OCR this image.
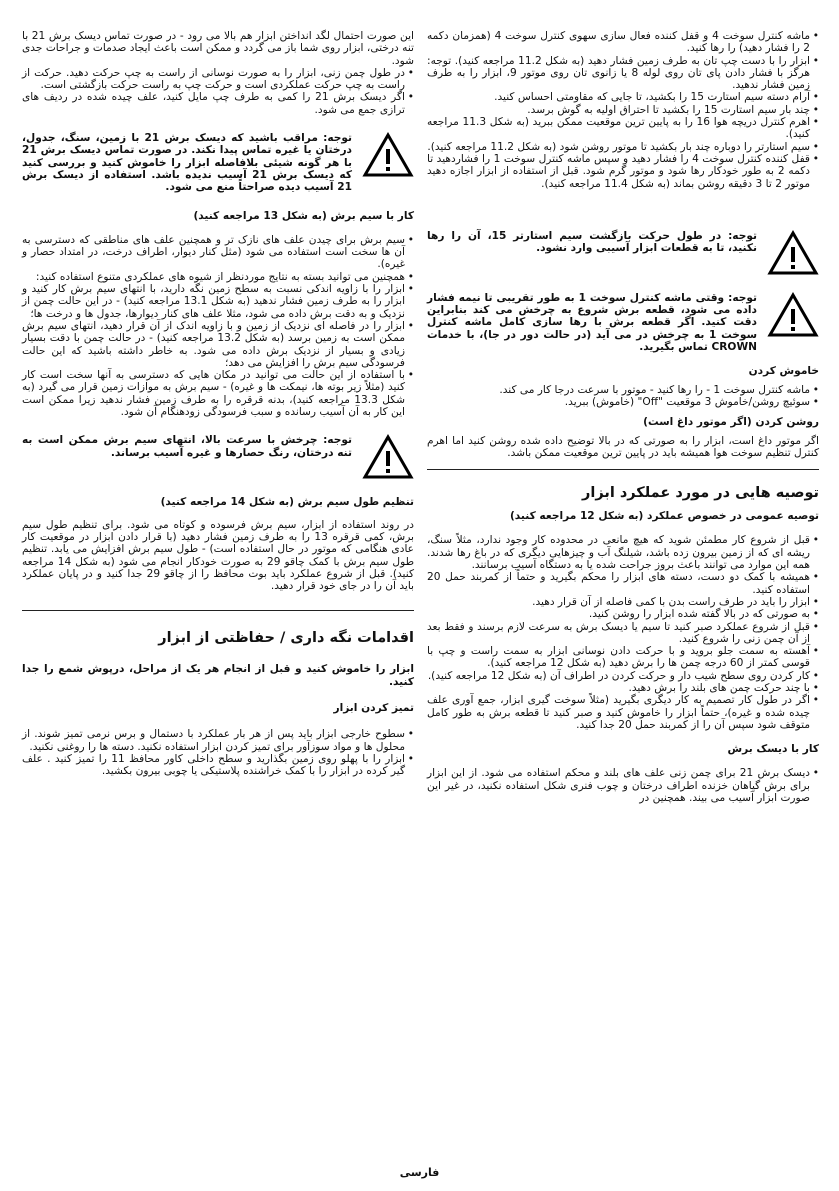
• ماشه کنترل سوخت 4 و قفل کننده فعال سازی سهوی کنترل سوخت 4 (همزمان دکمه 2 را فشار دهید) را رها کنید.
• ابزار را با دست چپ تان به طرف زمین فشار دهید (به شکل 11.2 مراجعه کنید). توجه: هرگز با فشار دادن پای تان روی لوله 8 یا زانوی تان روی موتور 9، ابزار را به طرف زمین فشار ندهید.
• آرام دسته سیم استارت 15 را بکشید، تا جایی که مقاومتی احساس کنید.
• چند بار سیم استارت 15 را بکشید تا احتراق اولیه به گوش برسد.
• اهرم کنترل دریچه هوا 16 را به پایین ترین موقعیت ممکن ببرید (به شکل 11.3 مراجعه کنید).
• سیم استارتر را دوباره چند بار بکشید تا موتور روشن شود (به شکل 11.2 مراجعه کنید).
• قفل کننده کنترل سوخت 4 را فشار دهید و سپس ماشه کنترل سوخت 1 را فشاردهید تا دکمه 2 به طور خودکار رها شود و موتور گرم شود. قبل از استفاده از ابزار اجازه دهید موتور 2 تا 3 دقیقه روشن بماند (به شکل 11.4 مراجعه کنید).

توجه: در طول حرکت بازگشت سیم استارتر 15، آن را رها نکنید، تا به قطعات ابزار آسیبی وارد نشود.

توجه: وقتی ماشه کنترل سوخت 1 به طور تقریبی تا نیمه فشار داده می شود، قطعه برش شروع به چرخش می کند بنابراین دقت کنید. اگر قطعه برش با رها سازی کامل ماشه کنترل سوخت 1 به چرخش در می آید (در حالت دور در جا)، با خدمات CROWN تماس بگیرید.

خاموش کردن

• ماشه کنترل سوخت 1 - را رها کنید - موتور با سرعت درجا کار می کند.
• سوئیچ روشن/خاموش 3 موقعیت "Off" (خاموش) ببرید.

روشن کردن (اگر موتور داغ است)

اگر موتور داغ است، ابزار را به صورتی که در بالا توضیح داده شده روشن کنید اما اهرم کنترل تنظیم سوخت هوا همیشه باید در پایین ترین موقعیت ممکن باشد.

توصیه هایی در مورد عملکرد ابزار

توصیه عمومی در خصوص عملکرد (به شکل 12 مراجعه کنید)

• قبل از شروع کار مطمئن شوید که هیچ مانعی در محدوده کار وجود ندارد، مثلاً سنگ، ریشه ای که از زمین بیرون زده باشد، شیلنگ آب و چیزهایی دیگری که در باغ رها شدند. همه این موارد می توانند باعث بروز جراحت شده یا به دستگاه آسیب برسانند.
• همیشه با کمک دو دست، دسته های ابزار را محکم بگیرید و حتماً از کمربند حمل 20 استفاده کنید.
• ابزار را باید در طرف راست بدن با کمی فاصله از آن قرار دهید.
• به صورتی که در بالا گفته شده ابزار را روشن کنید.
• قبل از شروع عملکرد صبر کنید تا سیم یا دیسک برش به سرعت لازم برسند و فقط بعد از آن چمن زنی را شروع کنید.
• آهسته به سمت جلو بروید و با حرکت دادن نوسانی ابزار به سمت راست و چپ با قوسی کمتر از 60 درجه چمن ها را برش دهید (به شکل 12 مراجعه کنید).
• کار کردن روی سطح شیب دار و حرکت کردن در اطراف آن (به شکل 12 مراجعه کنید).
• با چند حرکت چمن های بلند را برش دهید.
• اگر در طول کار تصمیم به کار دیگری بگیرید (مثلاً سوخت گیری ابزار، جمع آوری علف چیده شده و غیره)، حتماً ابزار را خاموش کنید و صبر کنید تا قطعه برش به طور کامل متوقف شود سپس آن را از کمربند حمل 20 جدا کنید.

کار با دیسک برش

• دیسک برش 21 برای چمن زنی علف های بلند و محکم استفاده می شود. از این ابزار برای برش گیاهان خزنده اطراف درختان و چوب فنری شکل استفاده نکنید، در غیر این صورت ابزار آسیب می بیند. همچنین در

این صورت احتمال لگد انداختن ابزار هم بالا می رود - در صورت تماس دیسک برش 21 با تنه درختی، ابزار روی شما باز می گردد و ممکن است باعث ایجاد صدمات و جراحات جدی شود.

• در طول چمن زنی، ابزار را به صورت نوسانی از راست به چپ حرکت دهید. حرکت از راست به چپ حرکت عملکردی است و حرکت چپ به راست حرکت بازگشتی است.
• اگر دیسک برش 21 را کمی به طرف چپ مایل کنید، علف چیده شده در ردیف های ترازی جمع می شود.

توجه: مراقب باشید که دیسک برش 21 با زمین، سنگ، جدول، درختان یا غیره تماس پیدا نکند. در صورت تماس دیسک برش 21 با هر گونه شیئی بلافاصله ابزار را خاموش کنید و بررسی کنید که دیسک برش 21 آسیب ندیده باشد. استفاده از دیسک برش 21 آسیب دیده صراحتاً منع می شود.

کار با سیم برش (به شکل 13 مراجعه کنید)

• سیم برش برای چیدن علف های نازک تر و همچنین علف های مناطقی که دسترسی به آن ها سخت است استفاده می شود (مثل کنار دیوار، اطراف درخت، در امتداد حصار و غیره).
• همچنین می توانید بسته به نتایج موردنظر از شیوه های عملکردی متنوع استفاده کنید:
• ابزار را با زاویه اندکی نسبت به سطح زمین نگه دارید، با انتهای سیم برش کار کنید و ابزار را به طرف زمین فشار ندهید (به شکل 13.1 مراجعه کنید) - در این حالت چمن از نزدیک و به دقت برش داده می شود، مثلا علف های کنار دیوارها، جدول ها و درخت ها؛
• ابزار را در فاصله ای نزدیک از زمین و با زاویه اندک از آن قرار دهید، انتهای سیم برش ممکن است به زمین برسد (به شکل 13.2 مراجعه کنید) - در حالت چمن با دقت بسیار زیادی و بسیار از نزدیک برش داده می شود. به خاطر داشته باشید که این حالت فرسودگی سیم برش را افزایش می دهد؛
• با استفاده از این حالت می توانید در مکان هایی که دسترسی به آنها سخت است کار کنید (مثلاً زیر بوته ها، نیمکت ها و غیره) - سیم برش به موازات زمین قرار می گیرد (به شکل 13.3 مراجعه کنید)، بدنه قرقره را به طرف زمین فشار ندهید زیرا ممکن است این کار به آن آسیب رسانده و سبب فرسودگی زودهنگام آن شود.

توجه: چرخش با سرعت بالا، انتهای سیم برش ممکن است به تنه درختان، رنگ حصارها و غیره آسیب برساند.

تنظیم طول سیم برش (به شکل 14 مراجعه کنید)

در روند استفاده از ابزار، سیم برش فرسوده و کوتاه می شود. برای تنظیم طول سیم برش، کمی قرقره 13 را به طرف زمین فشار دهید (با قرار دادن ابزار در موقعیت کار عادی هنگامی که موتور در حال استفاده است) - طول سیم برش افزایش می یابد. تنظیم طول سیم برش با کمک چاقو 29 به صورت خودکار انجام می شود (به شکل 14 مراجعه کنید). قبل از شروع عملکرد باید بوت محافظ را از چاقو 29 جدا کنید و در پایان عملکرد باید آن را در جای خود قرار دهید.

اقدامات نگه داری / حفاظتی از ابزار

ابزار را خاموش کنید و قبل از انجام هر یک از مراحل، درپوش شمع را جدا کنید.

تمیز کردن ابزار

• سطوح خارجی ابزار باید پس از هر بار عملکرد با دستمال و برس نرمی تمیز شوند. از محلول ها و مواد سوزآور برای تمیز کردن ابزار استفاده نکنید. دسته ها را روغنی نکنید.
• ابزار را با پهلو روی زمین بگذارید و سطح داخلی کاور محافظ 11 را تمیز کنید . علف گیر کرده در ابزار را با کمک خراشنده پلاستیکی یا چوبی بیرون بکشید.
فارسی
